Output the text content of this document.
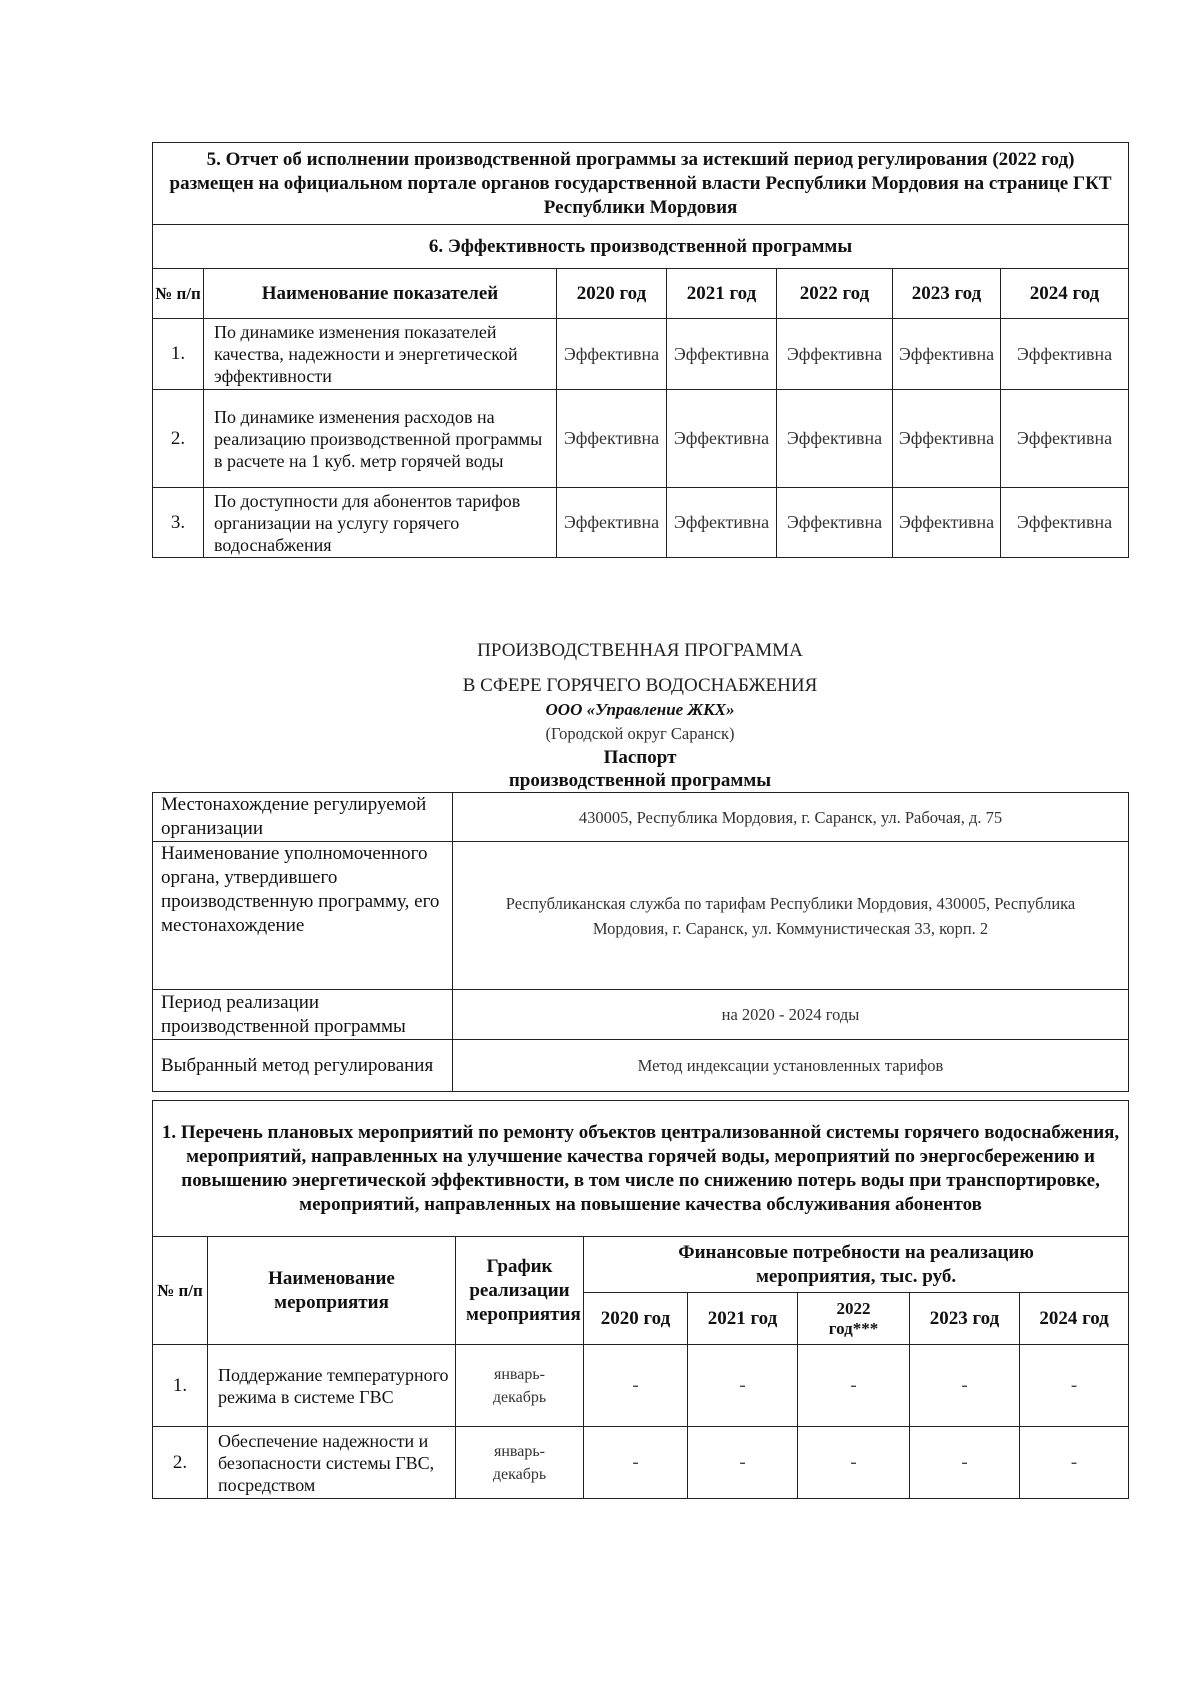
5. Отчет об исполнении производственной программы за истекший период регулирования (2022 год) размещен на официальном портале органов государственной власти Республики Мордовия на странице ГКТ Республики Мордовия						
6. Эффективность производственной программы						
№ п/п	Наименование показателей	2020 год	2021 год	2022 год	2023 год	2024 год
1.	По динамике изменения показателей качества, надежности и энергетической эффективности	Эффективна	Эффективна	Эффективна	Эффективна	Эффективна
2.	По динамике изменения расходов на реализацию производственной программы в расчете на 1 куб. метр горячей воды	Эффективна	Эффективна	Эффективна	Эффективна	Эффективна
3.	По доступности для абонентов тарифов организации на услугу горячего водоснабжения	Эффективна	Эффективна	Эффективна	Эффективна	Эффективна
ПРОИЗВОДСТВЕННАЯ ПРОГРАММА
В СФЕРЕ ГОРЯЧЕГО ВОДОСНАБЖЕНИЯ
ООО «Управление ЖКХ»
(Городской округ Саранск)
Паспорт
производственной программы
Местонахождение регулируемой организации	430005, Республика Мордовия, г. Саранск, ул. Рабочая, д. 75
Наименование уполномоченного органа, утвердившего производственную программу, его местонахождение	Республиканская служба по тарифам Республики Мордовия, 430005, Республика Мордовия, г. Саранск, ул. Коммунистическая 33, корп. 2
Период реализации производственной программы	на 2020 - 2024 годы
Выбранный метод регулирования	Метод индексации установленных тарифов
1. Перечень плановых мероприятий по ремонту объектов централизованной системы горячего водоснабжения, мероприятий, направленных на улучшение качества горячей воды, мероприятий по энергосбережению и повышению энергетической эффективности, в том числе по снижению потерь воды при транспортировке, мероприятий, направленных на повышение качества обслуживания абонентов							
№ п/п	Наименование мероприятия	График реализации мероприятия	Финансовые потребности на реализацию мероприятия, тыс. руб.				
			2020 год	2021 год	2022 год***	2023 год	2024 год
1.	Поддержание температурного режима в системе ГВС	январь-декабрь	-	-	-	-	-
2.	Обеспечение надежности и безопасности системы ГВС, посредством	январь-декабрь	-	-	-	-	-
